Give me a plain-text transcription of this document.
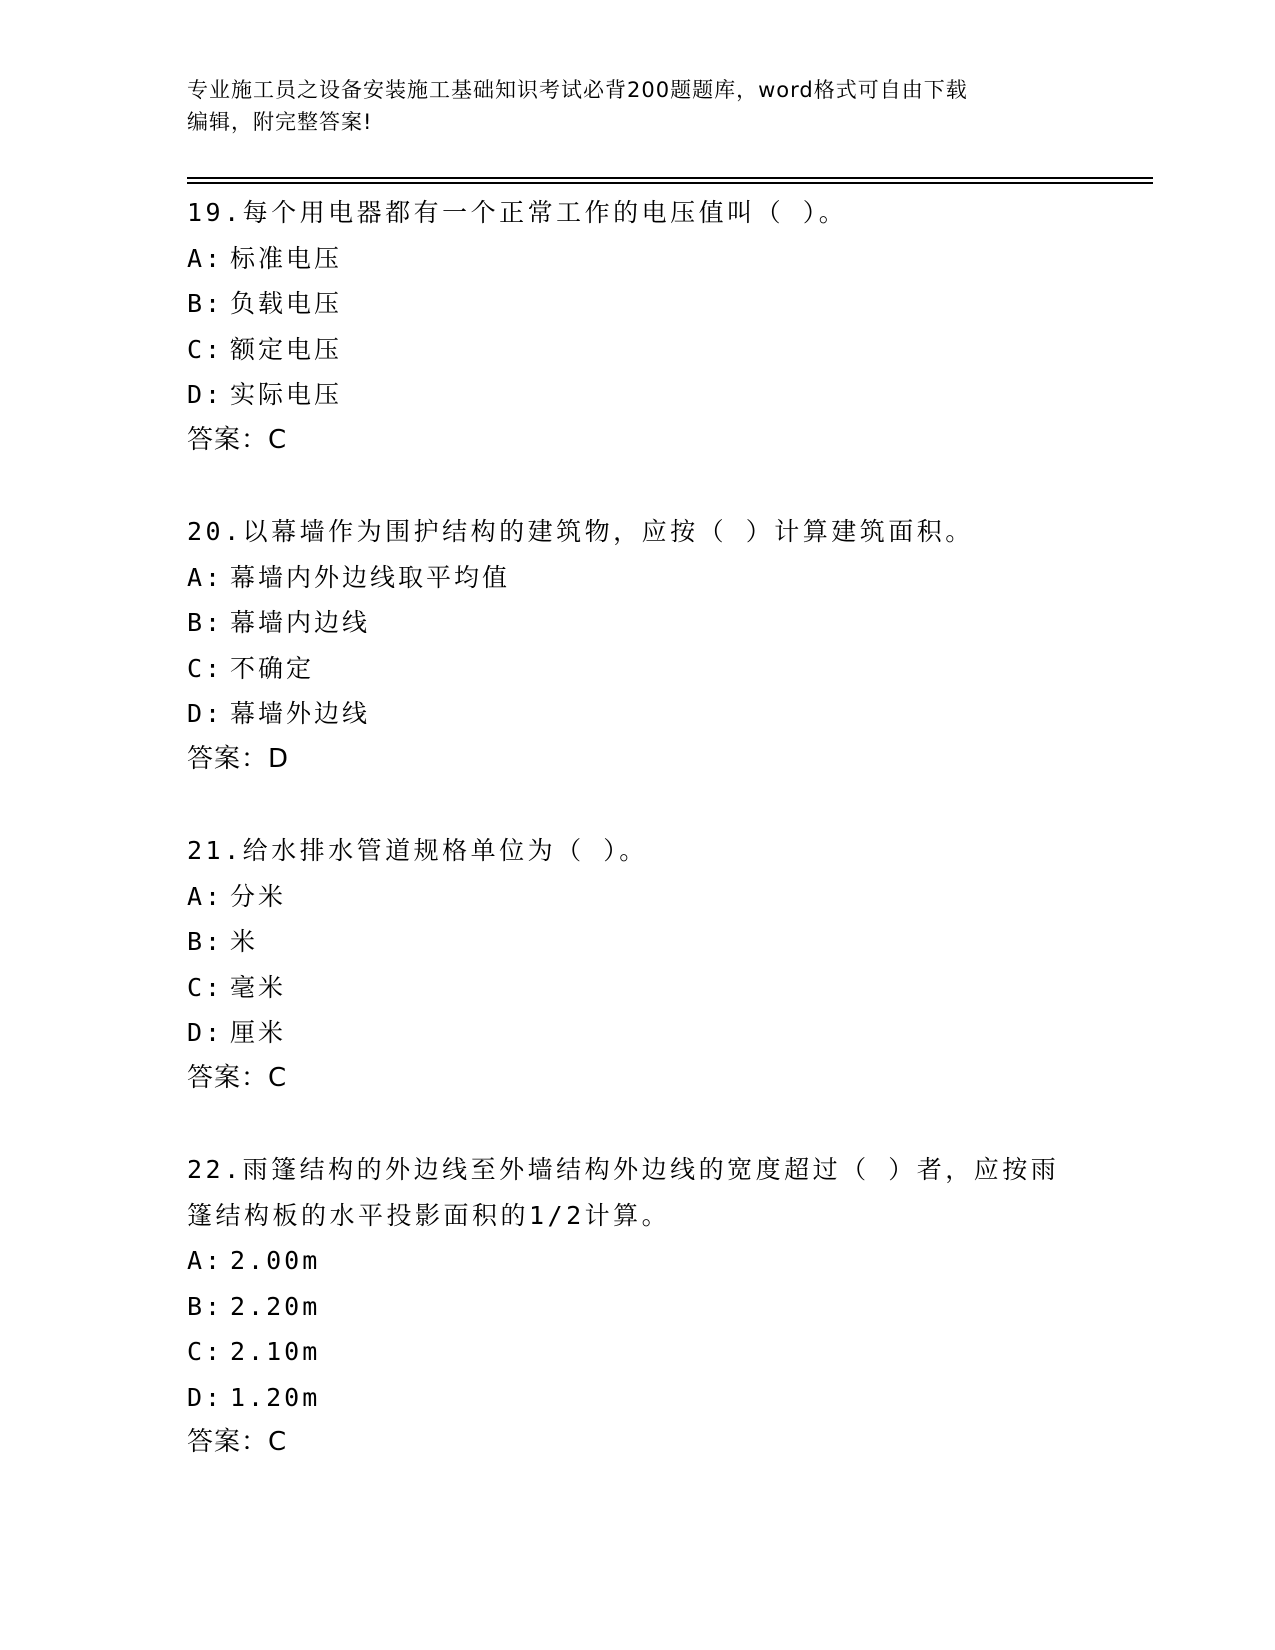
专业施工员之设备安装施工基础知识考试必背200题题库，word格式可自由下载
编辑，附完整答案!
19.每个用电器都有一个正常工作的电压值叫（ ）。
A: 标准电压
B: 负载电压
C: 额定电压
D: 实际电压
答案：C
20.以幕墙作为围护结构的建筑物，应按（ ）计算建筑面积。
A: 幕墙内外边线取平均值
B: 幕墙内边线
C: 不确定
D: 幕墙外边线
答案：D
21.给水排水管道规格单位为（ ）。
A: 分米
B: 米
C: 毫米
D: 厘米
答案：C
22.雨篷结构的外边线至外墙结构外边线的宽度超过（ ）者，应按雨
篷结构板的水平投影面积的1/2计算。
A: 2.00m
B: 2.20m
C: 2.10m
D: 1.20m
答案：C
